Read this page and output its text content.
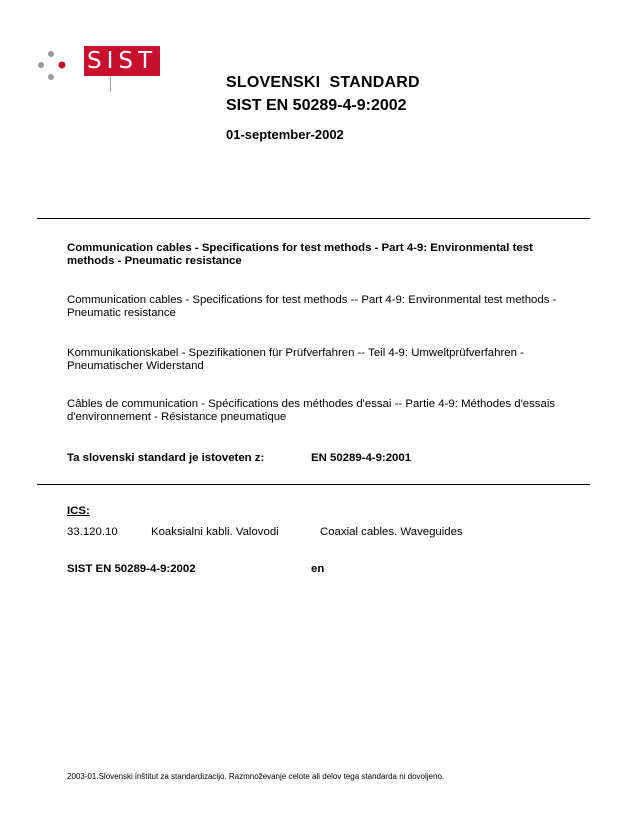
SIST
SLOVENSKI  STANDARD
SIST EN 50289-4-9:2002
01-september-2002
Communication cables - Specifications for test methods - Part 4-9: Environmental test methods - Pneumatic resistance
Communication cables - Specifications for test methods -- Part 4-9: Environmental test methods - Pneumatic resistance
Kommunikationskabel - Spezifikationen für Prüfverfahren -- Teil 4-9: Umweltprüfverfahren - Pneumatischer Widerstand
Câbles de communication - Spécifications des méthodes d'essai -- Partie 4-9: Méthodes d'essais d'environnement - Résistance pneumatique
Ta slovenski standard je istoveten z:	EN 50289-4-9:2001
ICS:
33.120.10	Koaksialni kabli. Valovodi	Coaxial cables. Waveguides
SIST EN 50289-4-9:2002	en
2003-01.Slovenski inštitut za standardizacijo. Razmnoževanje celote ali delov tega standarda ni dovoljeno.
